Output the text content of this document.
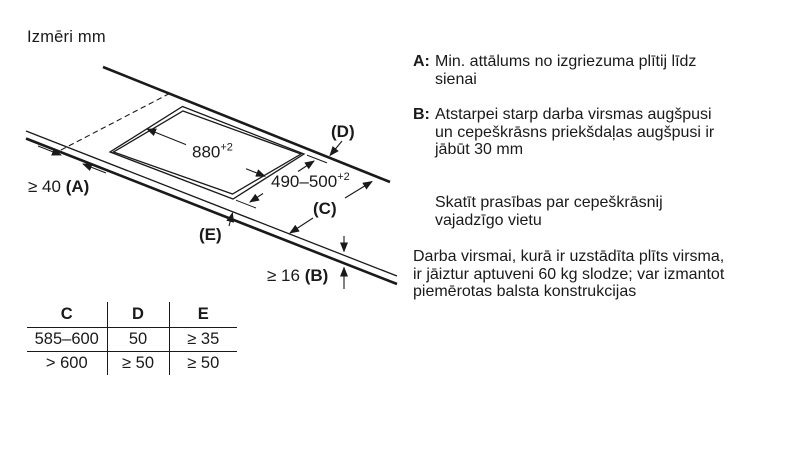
Izmēri mm
$880^{+2}$
$490-500^{+2}$
≥ 40 (A)
≥ 16 (B)
(C)
(D)
(E)
C	D	E
585–600	50	≥ 35
> 600	≥ 50	≥ 50
A: Min. attālums no izgriezuma plītij līdz
sienai
B: Atstarpei starp darba virsmas augšpusi
un cepeškrāsns priekšdaļas augšpusi ir
jābūt 30 mm
Skatīt prasības par cepeškrāsnij
vajadzīgo vietu
Darba virsmai, kurā ir uzstādīta plīts virsma,
ir jāiztur aptuveni 60 kg slodze; var izmantot
piemērotas balsta konstrukcijas
